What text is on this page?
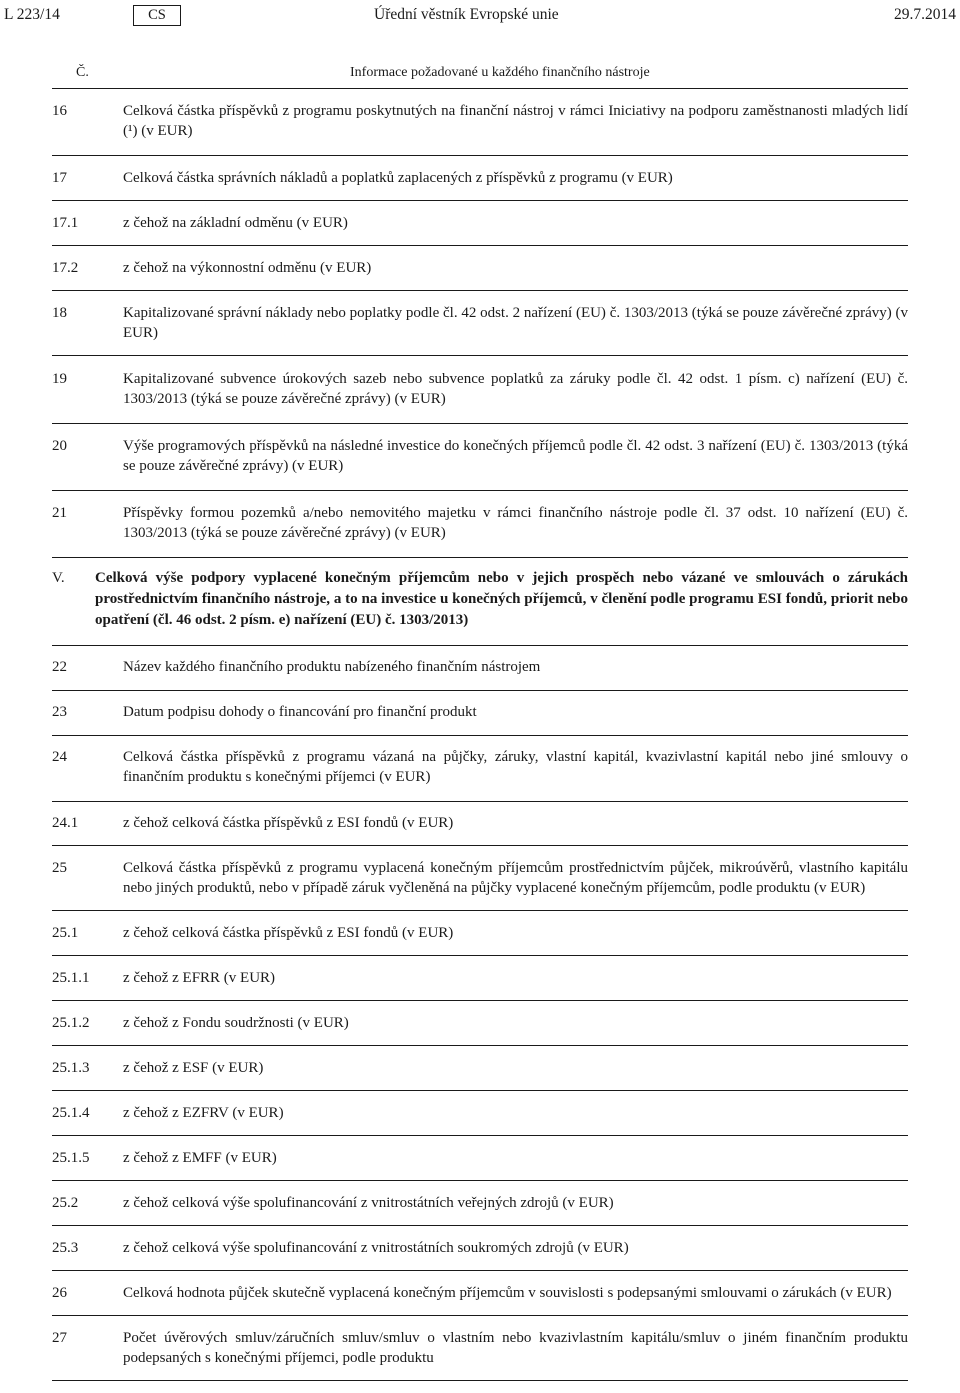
L 223/14	CS	Úřední věstník Evropské unie	29.7.2014
Č.	Informace požadované u každého finančního nástroje
16	Celková částka příspěvků z programu poskytnutých na finanční nástroj v rámci Iniciativy na podporu zaměstnanosti mladých lidí (¹) (v EUR)
17	Celková částka správních nákladů a poplatků zaplacených z příspěvků z programu (v EUR)
17.1	z čehož na základní odměnu (v EUR)
17.2	z čehož na výkonnostní odměnu (v EUR)
18	Kapitalizované správní náklady nebo poplatky podle čl. 42 odst. 2 nařízení (EU) č. 1303/2013 (týká se pouze závěrečné zprávy) (v EUR)
19	Kapitalizované subvence úrokových sazeb nebo subvence poplatků za záruky podle čl. 42 odst. 1 písm. c) nařízení (EU) č. 1303/2013 (týká se pouze závěrečné zprávy) (v EUR)
20	Výše programových příspěvků na následné investice do konečných příjemců podle čl. 42 odst. 3 nařízení (EU) č. 1303/2013 (týká se pouze závěrečné zprávy) (v EUR)
21	Příspěvky formou pozemků a/nebo nemovitého majetku v rámci finančního nástroje podle čl. 37 odst. 10 nařízení (EU) č. 1303/2013 (týká se pouze závěrečné zprávy) (v EUR)
V. Celková výše podpory vyplacené konečným příjemcům nebo v jejich prospěch nebo vázané ve smlouvách o zárukách prostřednictvím finančního nástroje, a to na investice u konečných příjemců, v členění podle programu ESI fondů, priorit nebo opatření (čl. 46 odst. 2 písm. e) nařízení (EU) č. 1303/2013)
22	Název každého finančního produktu nabízeného finančním nástrojem
23	Datum podpisu dohody o financování pro finanční produkt
24	Celková částka příspěvků z programu vázaná na půjčky, záruky, vlastní kapitál, kvazivlastní kapitál nebo jiné smlouvy o finančním produktu s konečnými příjemci (v EUR)
24.1	z čehož celková částka příspěvků z ESI fondů (v EUR)
25	Celková částka příspěvků z programu vyplacená konečným příjemcům prostřednictvím půjček, mikroúvěrů, vlastního kapitálu nebo jiných produktů, nebo v případě záruk vyčleněná na půjčky vyplacené konečným příjemcům, podle produktu (v EUR)
25.1	z čehož celková částka příspěvků z ESI fondů (v EUR)
25.1.1	z čehož z EFRR (v EUR)
25.1.2	z čehož z Fondu soudržnosti (v EUR)
25.1.3	z čehož z ESF (v EUR)
25.1.4	z čehož z EZFRV (v EUR)
25.1.5	z čehož z EMFF (v EUR)
25.2	z čehož celková výše spolufinancování z vnitrostátních veřejných zdrojů (v EUR)
25.3	z čehož celková výše spolufinancování z vnitrostátních soukromých zdrojů (v EUR)
26	Celková hodnota půjček skutečně vyplacená konečným příjemcům v souvislosti s podepsanými smlouvami o zárukách (v EUR)
27	Počet úvěrových smluv/záručních smluv/smluv o vlastním nebo kvazivlastním kapitálu/smluv o jiném finančním produktu podepsaných s konečnými příjemci, podle produktu
